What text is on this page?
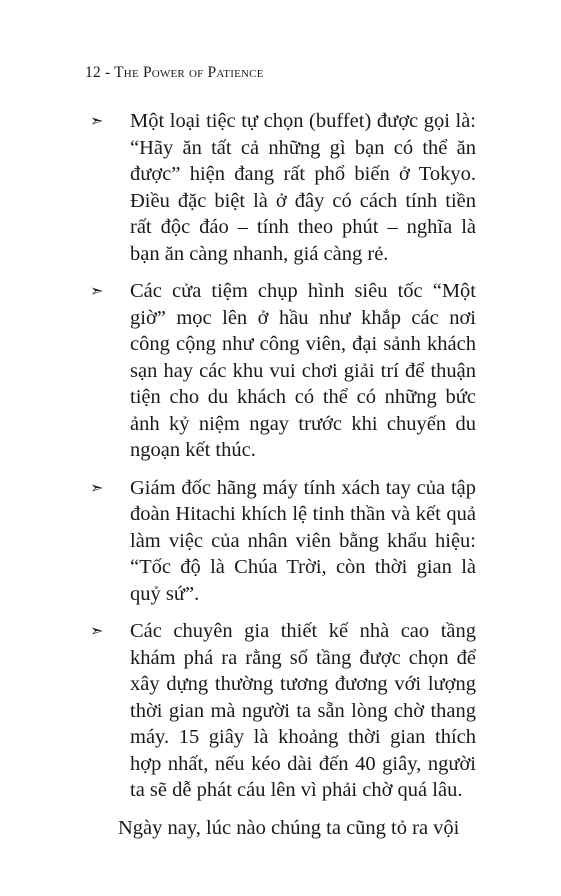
12 - The Power of Patience
➣ Một loại tiệc tự chọn (buffet) được gọi là: “Hãy ăn tất cả những gì bạn có thể ăn được” hiện đang rất phổ biến ở Tokyo. Điều đặc biệt là ở đây có cách tính tiền rất độc đáo – tính theo phút – nghĩa là bạn ăn càng nhanh, giá càng rẻ.
➣ Các cửa tiệm chụp hình siêu tốc “Một giờ” mọc lên ở hầu như khắp các nơi công cộng như công viên, đại sảnh khách sạn hay các khu vui chơi giải trí để thuận tiện cho du khách có thể có những bức ảnh kỷ niệm ngay trước khi chuyến du ngoạn kết thúc.
➣ Giám đốc hãng máy tính xách tay của tập đoàn Hitachi khích lệ tinh thần và kết quả làm việc của nhân viên bằng khẩu hiệu: “Tốc độ là Chúa Trời, còn thời gian là quỷ sứ”.
➣ Các chuyên gia thiết kế nhà cao tầng khám phá ra rằng số tầng được chọn để xây dựng thường tương đương với lượng thời gian mà người ta sẵn lòng chờ thang máy. 15 giây là khoảng thời gian thích hợp nhất, nếu kéo dài đến 40 giây, người ta sẽ dễ phát cáu lên vì phải chờ quá lâu.

Ngày nay, lúc nào chúng ta cũng tỏ ra vội
